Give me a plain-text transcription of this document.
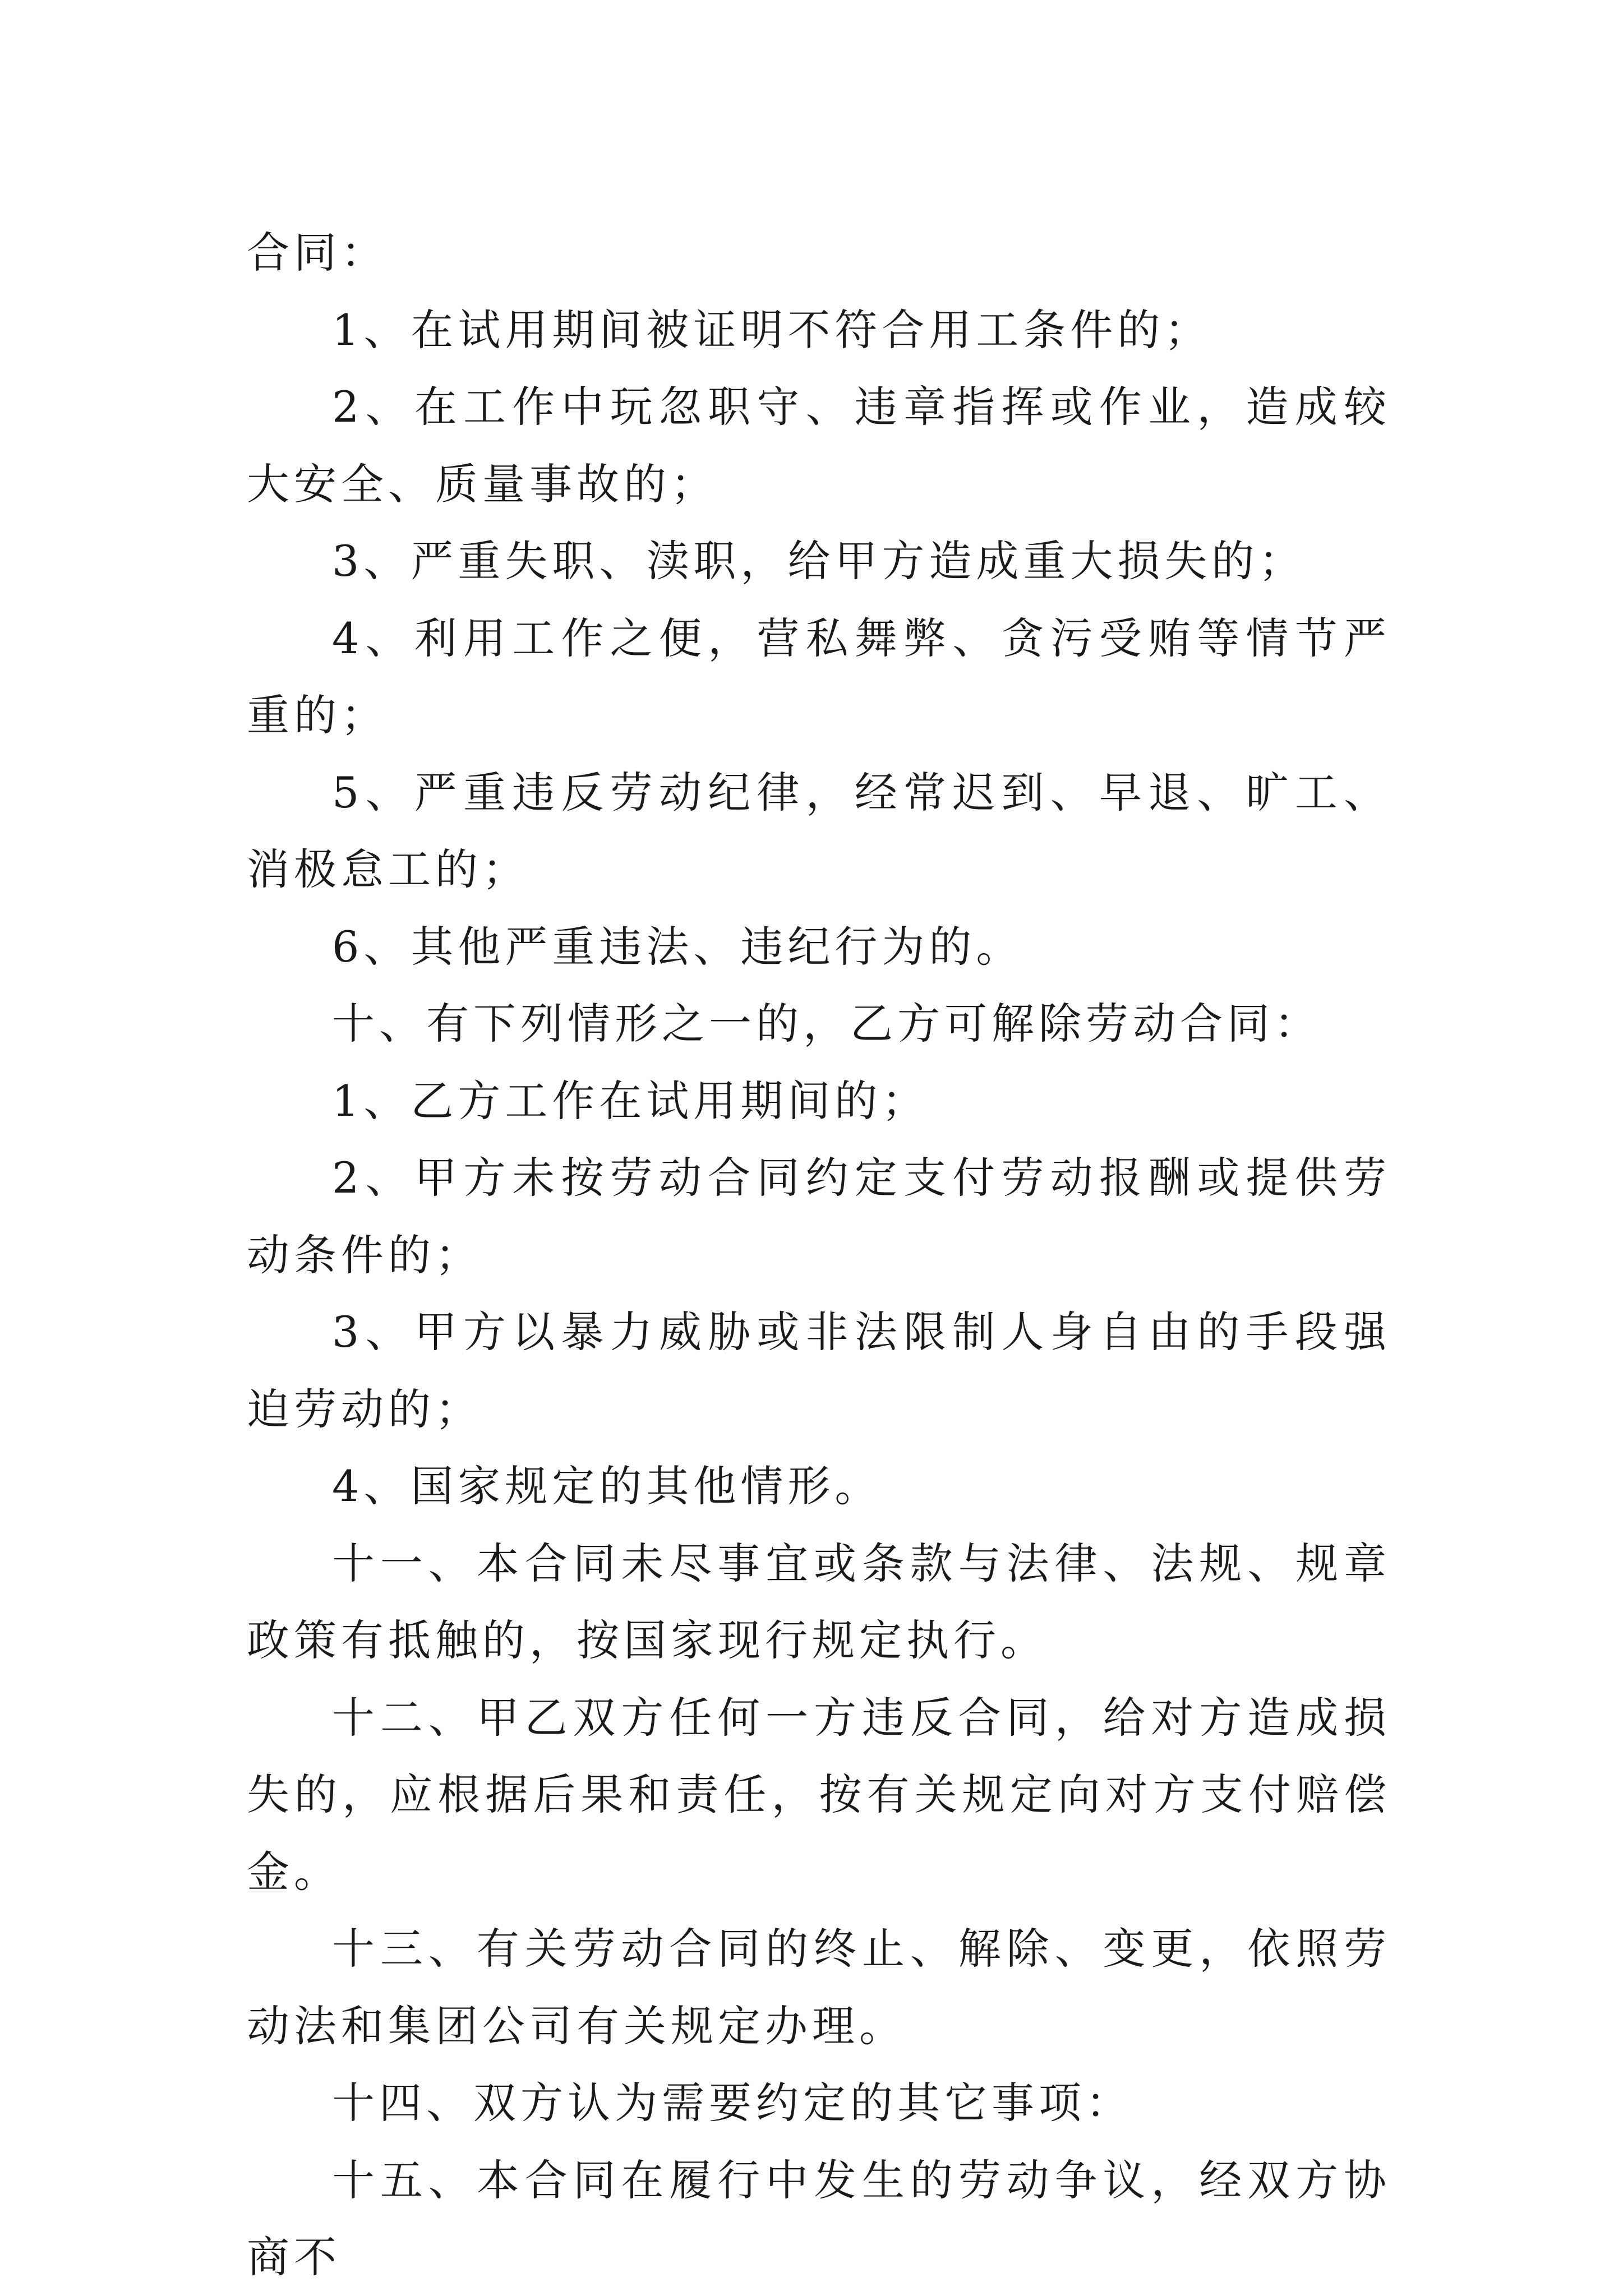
合同：

1、在试用期间被证明不符合用工条件的；

2、在工作中玩忽职守、违章指挥或作业，造成较大安全、质量事故的；

3、严重失职、渎职，给甲方造成重大损失的；

4、利用工作之便，营私舞弊、贪污受贿等情节严重的；

5、严重违反劳动纪律，经常迟到、早退、旷工、消极怠工的；

6、其他严重违法、违纪行为的。

十、有下列情形之一的，乙方可解除劳动合同：

1、乙方工作在试用期间的；

2、甲方未按劳动合同约定支付劳动报酬或提供劳动条件的；

3、甲方以暴力威胁或非法限制人身自由的手段强迫劳动的；

4、国家规定的其他情形。

十一、本合同未尽事宜或条款与法律、法规、规章政策有抵触的，按国家现行规定执行。

十二、甲乙双方任何一方违反合同，给对方造成损失的，应根据后果和责任，按有关规定向对方支付赔偿金。

十三、有关劳动合同的终止、解除、变更，依照劳动法和集团公司有关规定办理。

十四、双方认为需要约定的其它事项：

十五、本合同在履行中发生的劳动争议，经双方协商不
